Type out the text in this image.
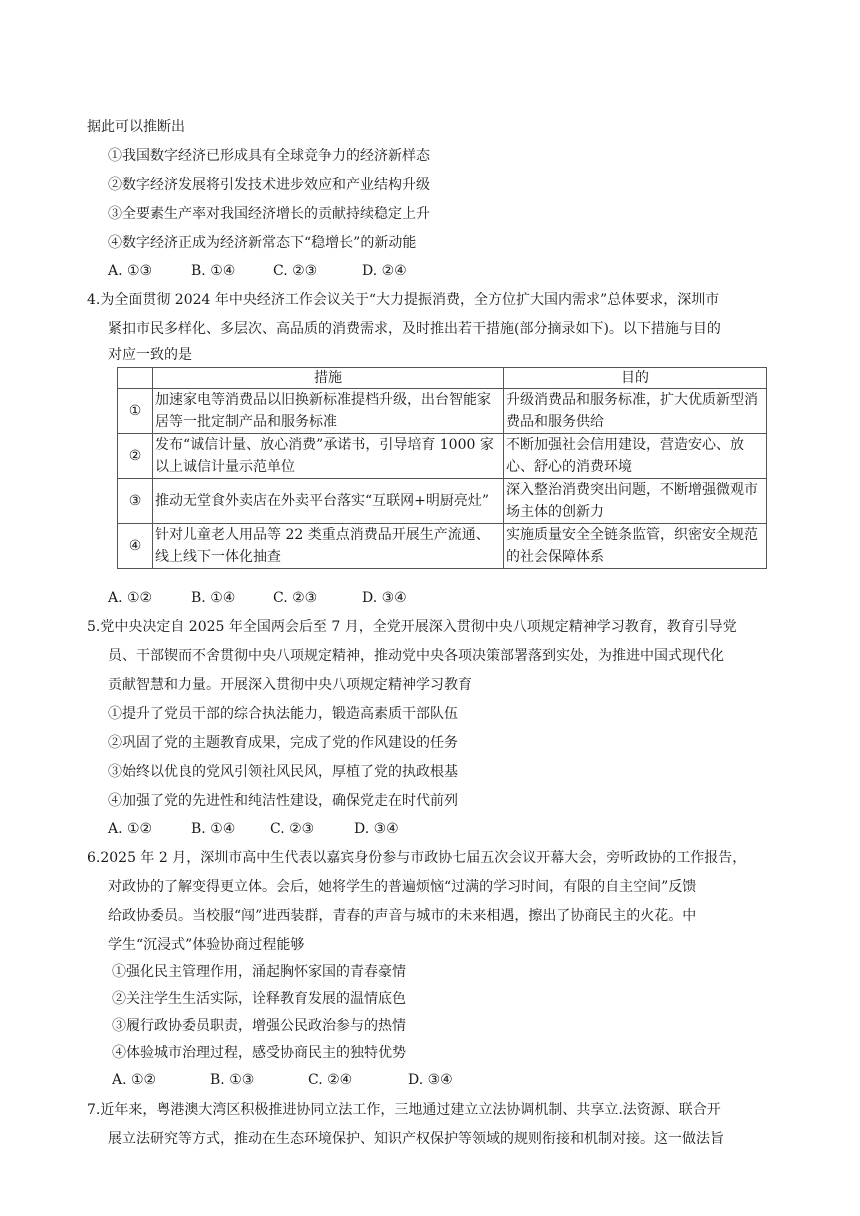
据此可以推断出
①我国数字经济已形成具有全球竞争力的经济新样态
②数字经济发展将引发技术进步效应和产业结构升级
③全要素生产率对我国经济增长的贡献持续稳定上升
④数字经济正成为经济新常态下“稳增长”的新动能
A. ①③	B. ①④	C. ②③	D. ②④
4.为全面贯彻 2024 年中央经济工作会议关于“大力提振消费，全方位扩大国内需求”总体要求，深圳市
紧扣市民多样化、多层次、高品质的消费需求，及时推出若干措施(部分摘录如下)。以下措施与目的
对应一致的是
	措施	目的
①	加速家电等消费品以旧换新标准提档升级，出台智能家居等一批定制产品和服务标准	升级消费品和服务标准，扩大优质新型消费品和服务供给
②	发布“诚信计量、放心消费”承诺书，引导培育 1000 家以上诚信计量示范单位	不断加强社会信用建设，营造安心、放心、舒心的消费环境
③	推动无堂食外卖店在外卖平台落实“互联网+明厨亮灶”	深入整治消费突出问题，不断增强微观市场主体的创新力
④	针对儿童老人用品等 22 类重点消费品开展生产流通、线上线下一体化抽查	实施质量安全全链条监管，织密安全规范的社会保障体系
A. ①②	B. ①④	C. ②③	D. ③④
5.党中央决定自 2025 年全国两会后至 7 月，全党开展深入贯彻中央八项规定精神学习教育，教育引导党
员、干部锲而不舍贯彻中央八项规定精神，推动党中央各项决策部署落到实处，为推进中国式现代化
贡献智慧和力量。开展深入贯彻中央八项规定精神学习教育
①提升了党员干部的综合执法能力，锻造高素质干部队伍
②巩固了党的主题教育成果，完成了党的作风建设的任务
③始终以优良的党风引领社风民风，厚植了党的执政根基
④加强了党的先进性和纯洁性建设，确保党走在时代前列
A. ①②	B. ①④ C. ②③	D. ③④
6.2025 年 2 月，深圳市高中生代表以嘉宾身份参与市政协七届五次会议开幕大会，旁听政协的工作报告，
对政协的了解变得更立体。会后，她将学生的普遍烦恼“过满的学习时间，有限的自主空间”反馈
给政协委员。当校服“闯”进西装群，青春的声音与城市的未来相遇，擦出了协商民主的火花。中
学生“沉浸式”体验协商过程能够
①强化民主管理作用，涌起胸怀家国的青春豪情
②关注学生生活实际，诠释教育发展的温情底色
③履行政协委员职责，增强公民政治参与的热情
④体验城市治理过程，感受协商民主的独特优势
A. ①②	B. ①③	C. ②④	D. ③④
7.近年来，粤港澳大湾区积极推进协同立法工作，三地通过建立立法协调机制、共享立.法资源、联合开
展立法研究等方式，推动在生态环境保护、知识产权保护等领域的规则衔接和机制对接。这一做法旨
